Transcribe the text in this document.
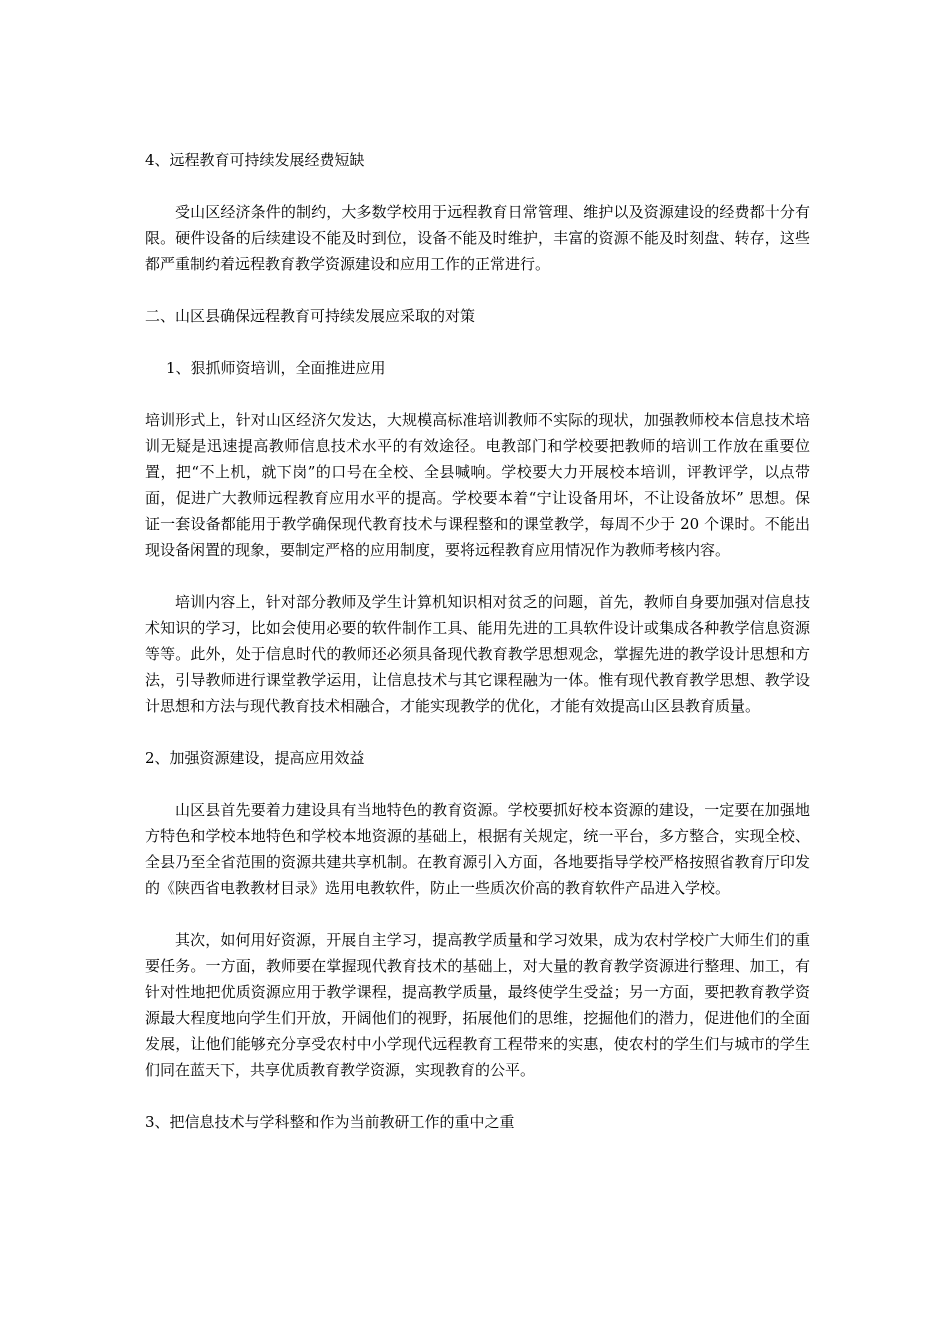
4、远程教育可持续发展经费短缺

受山区经济条件的制约，大多数学校用于远程教育日常管理、维护以及资源建设的经费都十分有限。硬件设备的后续建设不能及时到位，设备不能及时维护，丰富的资源不能及时刻盘、转存，这些都严重制约着远程教育教学资源建设和应用工作的正常进行。

二、山区县确保远程教育可持续发展应采取的对策

1、狠抓师资培训，全面推进应用

培训形式上，针对山区经济欠发达，大规模高标准培训教师不实际的现状，加强教师校本信息技术培训无疑是迅速提高教师信息技术水平的有效途径。电教部门和学校要把教师的培训工作放在重要位置，把“不上机，就下岗”的口号在全校、全县喊响。学校要大力开展校本培训，评教评学，以点带面，促进广大教师远程教育应用水平的提高。学校要本着“宁让设备用坏，不让设备放坏” 思想。保证一套设备都能用于教学确保现代教育技术与课程整和的课堂教学，每周不少于 20 个课时。不能出现设备闲置的现象，要制定严格的应用制度，要将远程教育应用情况作为教师考核内容。

培训内容上，针对部分教师及学生计算机知识相对贫乏的问题，首先，教师自身要加强对信息技术知识的学习，比如会使用必要的软件制作工具、能用先进的工具软件设计或集成各种教学信息资源等等。此外，处于信息时代的教师还必须具备现代教育教学思想观念，掌握先进的教学设计思想和方法，引导教师进行课堂教学运用，让信息技术与其它课程融为一体。惟有现代教育教学思想、教学设计思想和方法与现代教育技术相融合，才能实现教学的优化，才能有效提高山区县教育质量。

2、加强资源建设，提高应用效益

山区县首先要着力建设具有当地特色的教育资源。学校要抓好校本资源的建设，一定要在加强地方特色和学校本地特色和学校本地资源的基础上，根据有关规定，统一平台，多方整合，实现全校、全县乃至全省范围的资源共建共享机制。在教育源引入方面，各地要指导学校严格按照省教育厅印发的《陕西省电教教材目录》选用电教软件，防止一些质次价高的教育软件产品进入学校。

其次，如何用好资源，开展自主学习，提高教学质量和学习效果，成为农村学校广大师生们的重要任务。一方面，教师要在掌握现代教育技术的基础上，对大量的教育教学资源进行整理、加工，有针对性地把优质资源应用于教学课程，提高教学质量，最终使学生受益；另一方面，要把教育教学资源最大程度地向学生们开放，开阔他们的视野，拓展他们的思维，挖掘他们的潜力，促进他们的全面发展，让他们能够充分享受农村中小学现代远程教育工程带来的实惠，使农村的学生们与城市的学生们同在蓝天下，共享优质教育教学资源，实现教育的公平。

3、把信息技术与学科整和作为当前教研工作的重中之重
